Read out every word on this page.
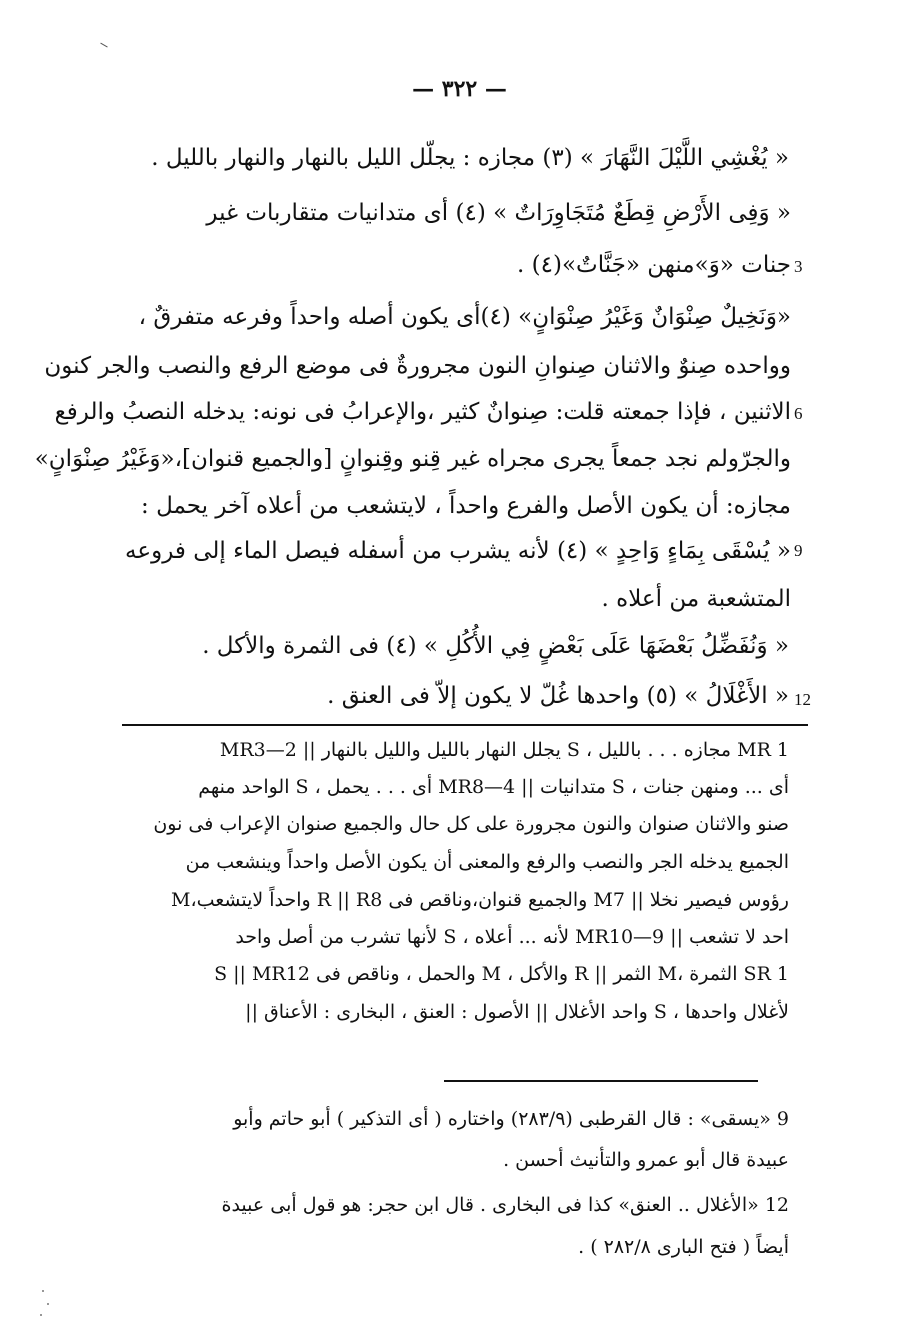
— ٣٢٢ —
« يُغْشِي اللَّيْلَ النَّهَارَ » (٣) مجازه : يجلّل الليل بالنهار والنهار بالليل .
« وَفِى الأَرْضِ قِطَعٌ مُتَجَاوِرَاتٌ » (٤) أى متدانيات متقاربات غير
جنات «وَ»منهن «جَنَّاتٌ»(٤) . 3
«وَنَخِيلٌ صِنْوَانٌ وَغَيْرُ صِنْوَانٍ» (٤)أى يكون أصله واحداً وفرعه متفرقٌ ،
وواحده صِنوٌ والاثنان صِنوانِ النون مجرورةٌ فى موضع الرفع والنصب والجر كنون
الاثنين ، فإذا جمعته قلت: صِنوانٌ كثير ،والإعرابُ فى نونه: يدخله النصبُ والرفع 6
والجرّولم نجد جمعاً يجرى مجراه غير قِنو وقِنوانٍ [والجميع قنوان]،«وَغَيْرُ صِنْوَانٍ»
مجازه: أن يكون الأصل والفرع واحداً ، لايتشعب من أعلاه آخر يحمل :
« يُسْقَى بِمَاءٍ وَاحِدٍ » (٤) لأنه يشرب من أسفله فيصل الماء إلى فروعه 9
المتشعبة من أعلاه .
« وَنُفَضِّلُ بَعْضَهَا عَلَى بَعْضٍ فِي الأُكُلِ » (٤) فى الثمرة والأكل .
« الأَغْلَالُ » (٥) واحدها غُلّ لا يكون إلاّ فى العنق . 12
MR 1 مجازه . . . بالليل ، S يجلل النهار بالليل والليل بالنهار || MR3—2
أى ... ومنهن جنات ، S متدانيات || MR8—4 أى . . . يحمل ، S الواحد منهم
صنو والاثنان صنوان والنون مجرورة على كل حال والجميع صنوان الإعراب فى نون
الجميع يدخله الجر والنصب والرفع والمعنى أن يكون الأصل واحداً وينشعب من
رؤوس فيصير نخلا || M7 والجميع قنوان،وناقص فى R || R8 واحداً لايتشعب،M
احد لا تشعب || MR10—9 لأنه ... أعلاه ، S لأنها تشرب من أصل واحد
SR 1 الثمرة ،M الثمر || R والأكل ، M والحمل ، وناقص فى S || MR12
لأغلال واحدها ، S واحد الأغلال || الأصول : العنق ، البخارى : الأعناق ||
9 «يسقى» : قال القرطبى (٢٨٣/٩) واختاره ( أى التذكير ) أبو حاتم وأبو
عبيدة قال أبو عمرو والتأنيث أحسن .
12 «الأغلال .. العنق» كذا فى البخارى . قال ابن حجر: هو قول أبى عبيدة
أيضاً ( فتح البارى ٢٨٢/٨ ) .
